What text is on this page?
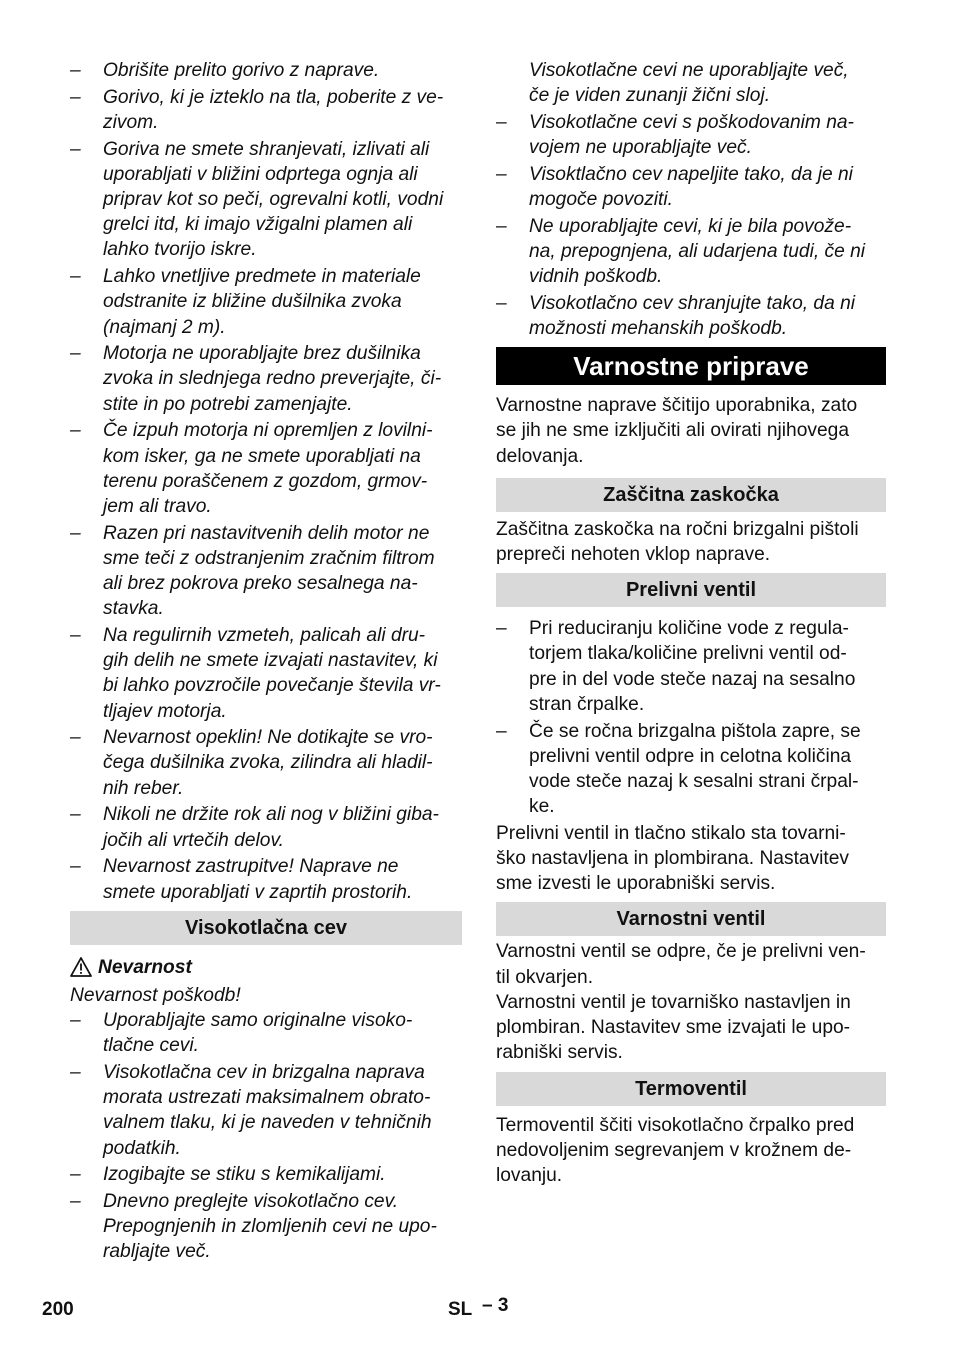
– Obrišite prelito gorivo z naprave.
– Gorivo, ki je izteklo na tla, poberite z ve-
zivom.
– Goriva ne smete shranjevati, izlivati ali
uporabljati v bližini odprtega ognja ali
priprav kot so peči, ogrevalni kotli, vodni
grelci itd, ki imajo vžigalni plamen ali
lahko tvorijo iskre.
– Lahko vnetljive predmete in materiale
odstranite iz bližine dušilnika zvoka
(najmanj 2 m).
– Motorja ne uporabljajte brez dušilnika
zvoka in slednjega redno preverjajte, či-
stite in po potrebi zamenjajte.
– Če izpuh motorja ni opremljen z lovilni-
kom isker, ga ne smete uporabljati na
terenu poraščenem z gozdom, grmov-
jem ali travo.
– Razen pri nastavitvenih delih motor ne
sme teči z odstranjenim zračnim filtrom
ali brez pokrova preko sesalnega na-
stavka.
– Na regulirnih vzmeteh, palicah ali dru-
gih delih ne smete izvajati nastavitev, ki
bi lahko povzročile povečanje števila vr-
tljajev motorja.
– Nevarnost opeklin! Ne dotikajte se vro-
čega dušilnika zvoka, zilindra ali hladil-
nih reber.
– Nikoli ne držite rok ali nog v bližini giba-
jočih ali vrtečih delov.
– Nevarnost zastrupitve! Naprave ne
smete uporabljati v zaprtih prostorih.
Visokotlačna cev
Nevarnost
Nevarnost poškodb!
– Uporabljajte samo originalne visoko-
tlačne cevi.
– Visokotlačna cev in brizgalna naprava
morata ustrezati maksimalnem obrato-
valnem tlaku, ki je naveden v tehničnih
podatkih.
– Izogibajte se stiku s kemikalijami.
– Dnevno preglejte visokotlačno cev.
Prepognjenih in zlomljenih cevi ne upo-
rabljajte več.
Visokotlačne cevi ne uporabljajte več,
če je viden zunanji žični sloj.
– Visokotlačne cevi s poškodovanim na-
vojem ne uporabljajte več.
– Visoktlačno cev napeljite tako, da je ni
mogoče povoziti.
– Ne uporabljajte cevi, ki je bila povože-
na, prepognjena, ali udarjena tudi, če ni
vidnih poškodb.
– Visokotlačno cev shranjujte tako, da ni
možnosti mehanskih poškodb.
Varnostne priprave

Varnostne naprave ščitijo uporabnika, zato
se jih ne sme izključiti ali ovirati njihovega
delovanja.

Zaščitna zaskočka

Zaščitna zaskočka na ročni brizgalni pištoli
prepreči nehoten vklop naprave.

Prelivni ventil
– Pri reduciranju količine vode z regula-
torjem tlaka/količine prelivni ventil od-
pre in del vode steče nazaj na sesalno
stran črpalke.
– Če se ročna brizgalna pištola zapre, se
prelivni ventil odpre in celotna količina
vode steče nazaj k sesalni strani črpal-
ke.

Prelivni ventil in tlačno stikalo sta tovarni-
ško nastavljena in plombirana. Nastavitev
sme izvesti le uporabniški servis.

Varnostni ventil

Varnostni ventil se odpre, če je prelivni ven-
til okvarjen.

Varnostni ventil je tovarniško nastavljen in
plombiran. Nastavitev sme izvajati le upo-
rabniški servis.

Termoventil

Termoventil ščiti visokotlačno črpalko pred
nedovoljenim segrevanjem v krožnem de-
lovanju.

200	SL – 3
